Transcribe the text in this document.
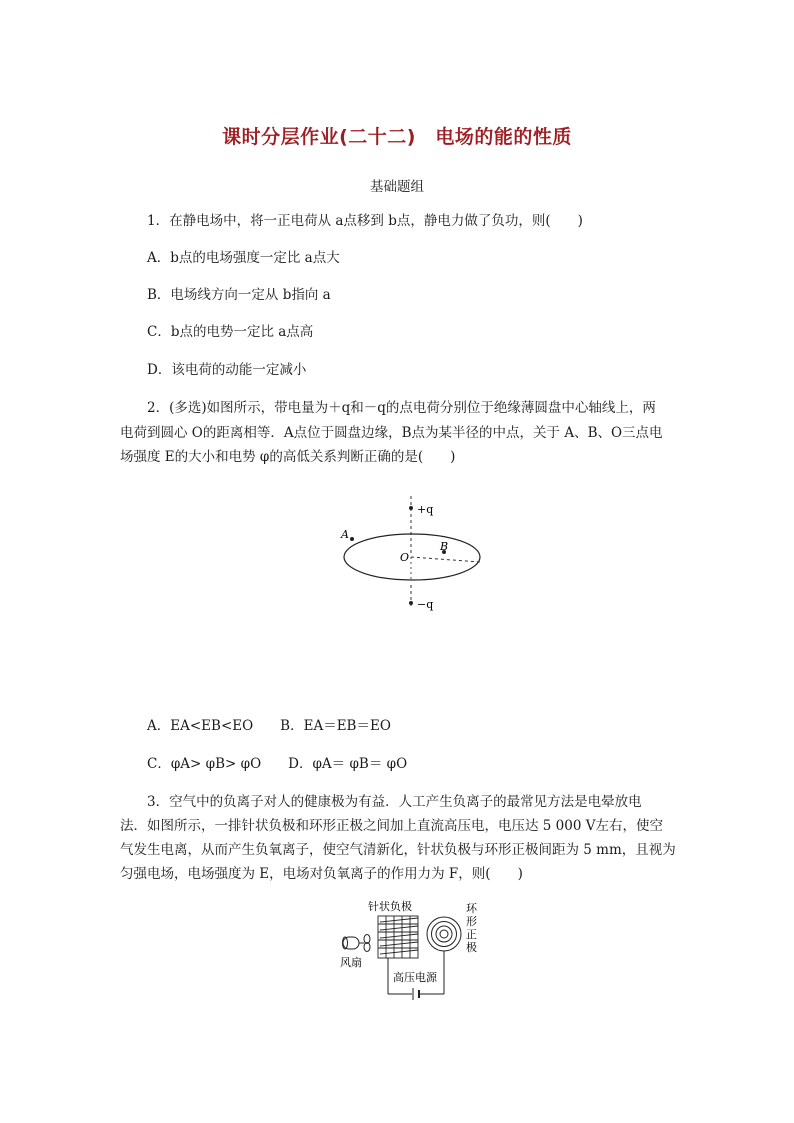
课时分层作业(二十二)　电场的能的性质
基础题组
1．在静电场中，将一正电荷从 a点移到 b点，静电力做了负功，则(　　)
A．b点的电场强度一定比 a点大
B．电场线方向一定从 b指向 a
C．b点的电势一定比 a点高
D．该电荷的动能一定减小
2．(多选)如图所示，带电量为＋q和－q的点电荷分别位于绝缘薄圆盘中心轴线上，两
电荷到圆心 O的距离相等．A点位于圆盘边缘，B点为某半径的中点，关于 A、B、O三点电
场强度 E的大小和电势 φ的高低关系判断正确的是(　　)
+q
−q
A
B
O
A．EA<EB<EO　　B．EA＝EB＝EO
C．φA> φB> φO　　D．φA＝ φB＝ φO
3．空气中的负离子对人的健康极为有益．人工产生负离子的最常见方法是电晕放电
法．如图所示，一排针状负极和环形正极之间加上直流高压电，电压达 5 000 V左右，使空
气发生电离，从而产生负氧离子，使空气清新化，针状负极与环形正极间距为 5 mm，且视为
匀强电场，电场强度为 E，电场对负氧离子的作用力为 F，则(　　)
针状负极
风扇
环
形
正
极
高压电源
